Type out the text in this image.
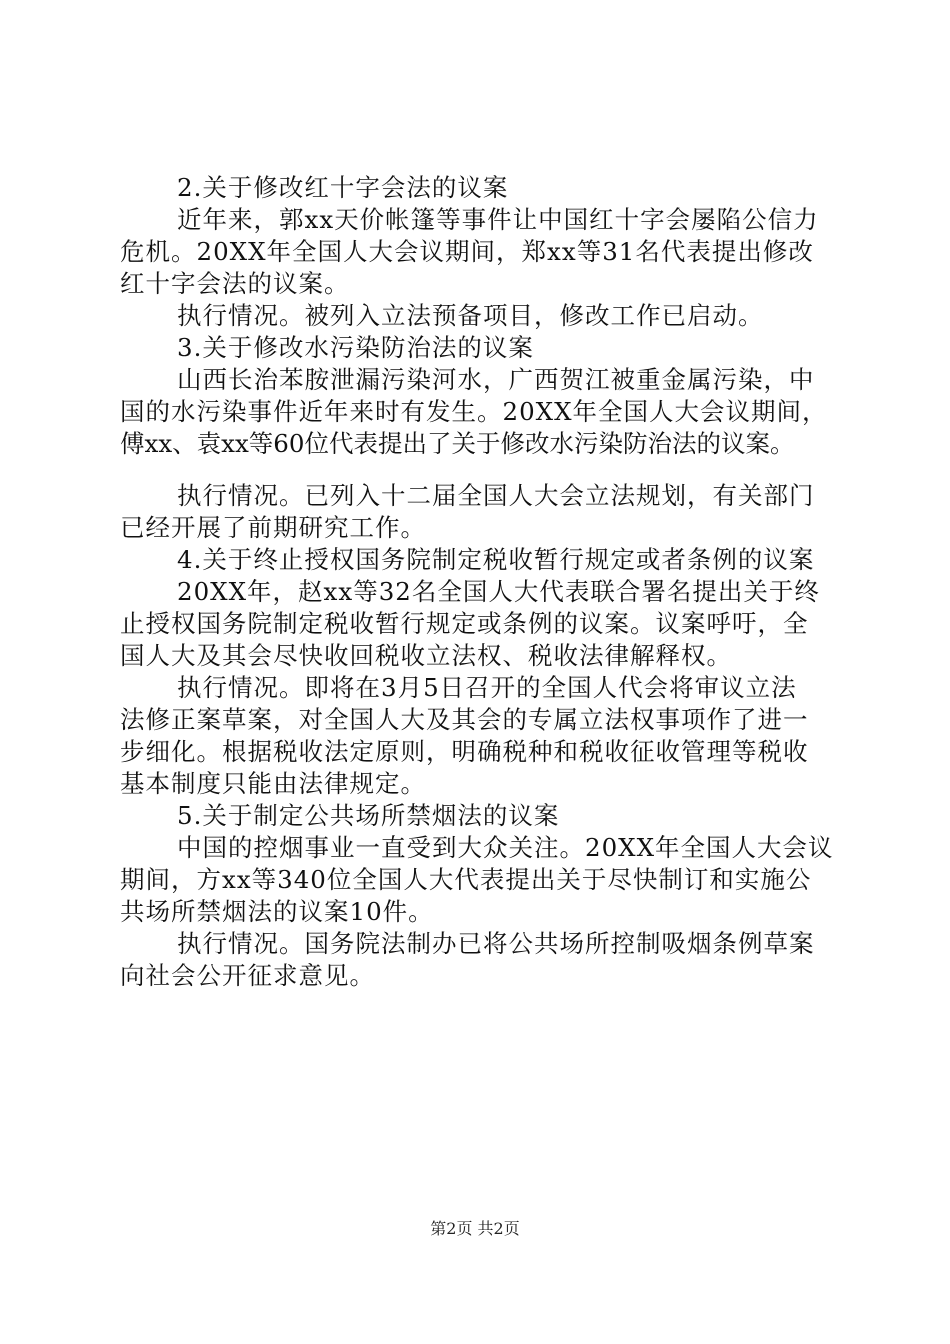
2.关于修改红十字会法的议案
近年来，郭xx天价帐篷等事件让中国红十字会屡陷公信力
危机。20XX年全国人大会议期间，郑xx等31名代表提出修改
红十字会法的议案。
执行情况。被列入立法预备项目，修改工作已启动。
3.关于修改水污染防治法的议案
山西长治苯胺泄漏污染河水，广西贺江被重金属污染，中
国的水污染事件近年来时有发生。20XX年全国人大会议期间，
傅xx、袁xx等60位代表提出了关于修改水污染防治法的议案。
执行情况。已列入十二届全国人大会立法规划，有关部门
已经开展了前期研究工作。
4.关于终止授权国务院制定税收暂行规定或者条例的议案
20XX年，赵xx等32名全国人大代表联合署名提出关于终
止授权国务院制定税收暂行规定或条例的议案。议案呼吁，全
国人大及其会尽快收回税收立法权、税收法律解释权。
执行情况。即将在3月5日召开的全国人代会将审议立法
法修正案草案，对全国人大及其会的专属立法权事项作了进一
步细化。根据税收法定原则，明确税种和税收征收管理等税收
基本制度只能由法律规定。
5.关于制定公共场所禁烟法的议案
中国的控烟事业一直受到大众关注。20XX年全国人大会议
期间，方xx等340位全国人大代表提出关于尽快制订和实施公
共场所禁烟法的议案10件。
执行情况。国务院法制办已将公共场所控制吸烟条例草案
向社会公开征求意见。
第2页 共2页
